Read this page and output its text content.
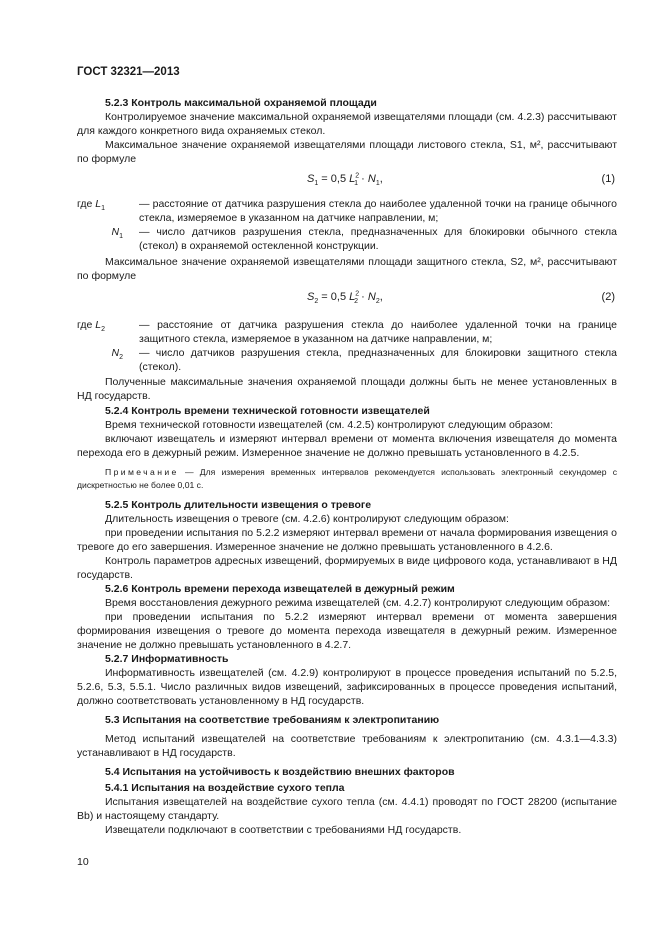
ГОСТ 32321—2013

5.2.3 Контроль максимальной охраняемой площади

Контролируемое значение максимальной охраняемой извещателями площади (см. 4.2.3) рассчитывают для каждого конкретного вида охраняемых стекол.

Максимальное значение охраняемой извещателями площади листового стекла, S1, м², рассчитывают по формуле

$S_1 = 0,5$ $L^2_1 \cdot N_1$,	(1)
где $L_1$	— расстояние от датчика разрушения стекла до наиболее удаленной точки на границе обычного стекла, измеряемое в указанном на датчике направлении, м;
$N_1$	— число датчиков разрушения стекла, предназначенных для блокировки обычного стекла (стекол) в охраняемой остекленной конструкции.

Максимальное значение охраняемой извещателями площади защитного стекла, S2, м², рассчитывают по формуле

$S_2 = 0,5$ $L^2_2 \cdot N_2$,	(2)
где $L_2$	— расстояние от датчика разрушения стекла до наиболее удаленной точки на границе защитного стекла, измеряемое в указанном на датчике направлении, м;
$N_2$	— число датчиков разрушения стекла, предназначенных для блокировки защитного стекла (стекол).

Полученные максимальные значения охраняемой площади должны быть не менее установленных в НД государств.

5.2.4 Контроль времени технической готовности извещателей

Время технической готовности извещателей (см. 4.2.5) контролируют следующим образом:

включают извещатель и измеряют интервал времени от момента включения извещателя до момента перехода его в дежурный режим. Измеренное значение не должно превышать установленного в 4.2.5.

Примечание — Для измерения временных интервалов рекомендуется использовать электронный секундомер с дискретностью не более 0,01 с.

5.2.5 Контроль длительности извещения о тревоге

Длительность извещения о тревоге (см. 4.2.6) контролируют следующим образом:

при проведении испытания по 5.2.2 измеряют интервал времени от начала формирования извещения о тревоге до его завершения. Измеренное значение не должно превышать установленного в 4.2.6.

Контроль параметров адресных извещений, формируемых в виде цифрового кода, устанавливают в НД государств.

5.2.6 Контроль времени перехода извещателей в дежурный режим

Время восстановления дежурного режима извещателей (см. 4.2.7) контролируют следующим образом:

при проведении испытания по 5.2.2 измеряют интервал времени от момента завершения формирования извещения о тревоге до момента перехода извещателя в дежурный режим. Измеренное значение не должно превышать установленного в 4.2.7.

5.2.7 Информативность

Информативность извещателей (см. 4.2.9) контролируют в процессе проведения испытаний по 5.2.5, 5.2.6, 5.3, 5.5.1. Число различных видов извещений, зафиксированных в процессе проведения испытаний, должно соответствовать установленному в НД государств.

5.3 Испытания на соответствие требованиям к электропитанию

Метод испытаний извещателей на соответствие требованиям к электропитанию (см. 4.3.1—4.3.3) устанавливают в НД государств.

5.4 Испытания на устойчивость к воздействию внешних факторов

5.4.1 Испытания на воздействие сухого тепла

Испытания извещателей на воздействие сухого тепла (см. 4.4.1) проводят по ГОСТ 28200 (испытание Bb) и настоящему стандарту.

Извещатели подключают в соответствии с требованиями НД государств.

10
